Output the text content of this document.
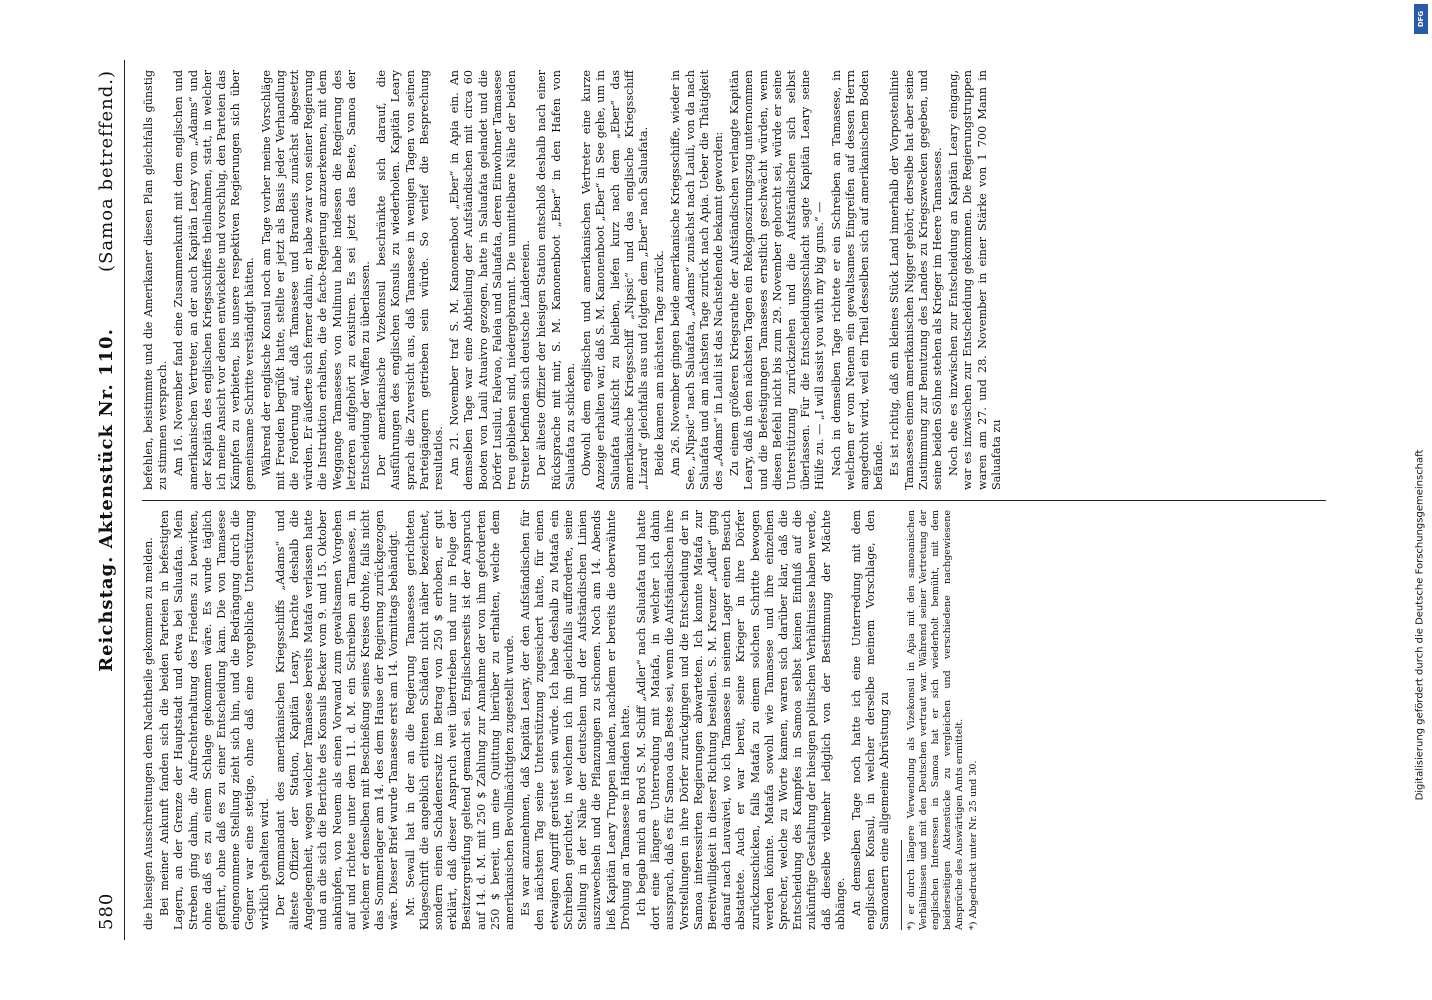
580
Reichstag. Aktenstück Nr. 110.
(Samoa betreffend.)

die hiesigen Ausschreitungen dem Nachtheile gekommen zu melden. Bei meiner Ankunft fanden sich die beiden Parteien in befestigten Lagern, an der Grenze der Hauptstadt und etwa bei Saluafata. Mein Streben ging dahin, die Aufrechterhaltung des Friedens zu bewirken, ohne daß es zu einem Schlage gekommen wäre. Es wurde täglich geführt, ohne daß es zu einer Entscheidung kam. Die von Tamasese eingenommene Stellung zieht sich hin, und die Bedrängung durch die Gegner war eine stetige, ohne daß eine vorgebliche Unterstützung wirklich gehalten wird. Der Kommandant des amerikanischen Kriegsschiffs „Adams“ und älteste Offizier der Station, Kapitän Leary, brachte deshalb die Angelegenheit, wegen welcher Tamasese bereits Matafa verlassen hatte und an die sich die Berichte des Konsuls Becker vom 9. und 15. Oktober anknüpfen, von Neuem als einen Vorwand zum gewaltsamen Vorgehen auf und richtete unter dem 11. d. M. ein Schreiben an Tamasese, in welchem er denselben mit Beschießung seines Kreises drohte, falls nicht das Sommerlager am 14. des dem Hause der Regierung zurückgezogen wäre. Dieser Brief wurde Tamasese erst am 14. Vormittags behändigt. Mr. Sewall hat in der an die Regierung Tamaseses gerichteten Klageschrift die angeblich erlittenen Schäden nicht näher bezeichnet, sondern einen Schadenersatz im Betrag von 250 $ erhoben, er gut erklärt, daß dieser Anspruch weit übertrieben und nur in Folge der Besitzergreifung geltend gemacht sei. Englischerseits ist der Anspruch auf 14. d. M. mit 250 $ Zahlung zur Annahme der von ihm geforderten 250 $ bereit, um eine Quittung hierüber zu erhalten, welche dem amerikanischen Bevollmächtigten zugestellt wurde. Es war anzunehmen, daß Kapitän Leary, der den Aufständischen für den nächsten Tag seine Unterstützung zugesichert hatte, für einen etwaigen Angriff gerüstet sein würde. Ich habe deshalb zu Matafa ein Schreiben gerichtet, in welchem ich ihn gleichfalls aufforderte, seine Stellung in der Nähe der deutschen und der Aufständischen Linien auszuwechseln und die Pflanzungen zu schonen. Noch am 14. Abends ließ Kapitän Leary Truppen landen, nachdem er bereits die oberwähnte Drohung an Tamasese in Händen hatte. Ich begab mich an Bord S. M. Schiff „Adler“ nach Saluafata und hatte dort eine längere Unterredung mit Matafa, in welcher ich dahin aussprach, daß es für Samoa das Beste sei, wenn die Aufständischen ihre Vorstellungen in ihre Dörfer zurückgingen und die Entscheidung der in Samoa interessirten Regierungen abwarteten. Ich konnte Matafa zur Bereitwilligkeit in dieser Richtung bestellen. S. M. Kreuzer „Adler“ ging darauf nach Lauvaivei, wo ich Tamasese in seinem Lager einen Besuch abstattete. Auch er war bereit, seine Krieger in ihre Dörfer zurückzuschicken, falls Matafa zu einem solchen Schritte bewogen werden könnte. Matafa sowohl wie Tamasese und ihre einzelnen Sprecher, welche zu Worte kamen, waren sich darüber klar, daß die Entscheidung des Kampfes in Samoa selbst keinen Einfluß auf die zukünftige Gestaltung der hiesigen politischen Verhältnisse haben werde, daß dieselbe vielmehr lediglich von der Bestimmung der Mächte abhänge. An demselben Tage noch hatte ich eine Unterredung mit dem englischen Konsul, in welcher derselbe meinem Vorschlage, den Samoanern eine allgemeine Abrüstung zu *) er durch längere Verwendung als Vizekonsul in Apia mit den samoanischen Verhältnissen und mit den Deutschen vertraut war. Während seiner Vertretung der englischen Interessen in Samoa hat er sich wiederholt bemüht, mit dem beiderseitigen Aktenstücke zu vergleichen und verschiedene nachgewiesene Ansprüche des Auswärtigen Amts ermittelt. *) Abgedruckt unter Nr. 25 und 30.

befehlen, beistimmte und die Amerikaner diesen Plan gleichfalls günstig zu stimmen versprach. Am 16. November fand eine Zusammenkunft mit dem englischen und amerikanischen Vertreter, an der auch Kapitän Leary vom „Adams“ und der Kapitän des englischen Kriegsschiffes theilnahmen, statt, in welcher ich meine Ansicht vor denen entwickelte und vorschlug, den Parteien das Kämpfen zu verbieten, bis unsere respektiven Regierungen sich über gemeinsame Schritte verständigt hätten. Während der englische Konsul noch am Tage vorher meine Vorschläge mit Freuden begrüßt hatte, stellte er jetzt als Basis jeder Verhandlung die Forderung auf, daß Tamasese und Brandeis zunächst abgesetzt würden. Er äußerte sich ferner dahin, er habe zwar von seiner Regierung die Instruktion erhalten, die de facto-Regierung anzuerkennen, mit dem Weggange Tamaseses von Mulinuu habe indessen die Regierung des letzteren aufgehört zu existiren. Es sei jetzt das Beste, Samoa der Entscheidung der Waffen zu überlassen. Der amerikanische Vizekonsul beschränkte sich darauf, die Ausführungen des englischen Konsuls zu wiederholen. Kapitän Leary sprach die Zuversicht aus, daß Tamasese in wenigen Tagen von seinen Parteigängern getrieben sein würde. So verlief die Besprechung resultatlos. Am 21. November traf S. M. Kanonenboot „Eber“ in Apia ein. An demselben Tage war eine Abtheilung der Aufständischen mit circa 60 Booten von Lauli Atuaivro gezogen, hatte in Saluafata gelandet und die Dörfer Lusilui, Falevao, Faleia und Saluafata, deren Einwohner Tamasese treu geblieben sind, niedergebrannt. Die unmittelbare Nähe der beiden Streiter befinden sich deutsche Ländereien. Der älteste Offizier der hiesigen Station entschloß deshalb nach einer Rücksprache mit mir, S. M. Kanonenboot „Eber“ in den Hafen von Saluafata zu schicken. Obwohl dem englischen und amerikanischen Vertreter eine kurze Anzeige erhalten war, daß S. M. Kanonenboot „Eber“ in See gehe, um in Saluafata Aufsicht zu bleiben, liefen kurz nach dem „Eber“ das amerikanische Kriegsschiff „Nipsic“ und das englische Kriegsschiff „Lizard“ gleichfalls aus und folgten dem „Eber“ nach Saluafata. Beide kamen am nächsten Tage zurück. Am 26. November gingen beide amerikanische Kriegsschiffe, wieder in See, „Nipsic“ nach Saluafata, „Adams“ zunächst nach Lauli, von da nach Saluafata und am nächsten Tage zurück nach Apia. Ueber die Thätigkeit des „Adams“ in Lauli ist das Nachstehende bekannt geworden: Zu einem größeren Kriegsrathe der Aufständischen verlangte Kapitän Leary, daß in den nächsten Tagen ein Rekognoszirungszug unternommen und die Befestigungen Tamaseses ernstlich geschwächt würden, wenn diesen Befehl nicht bis zum 29. November gehorcht sei, würde er seine Unterstützung zurückziehen und die Aufständischen sich selbst überlassen. Für die Entscheidungsschlacht sagte Kapitän Leary seine Hülfe zu. — „I will assist you with my big guns.“ — Nach in demselben Tage richtete er ein Schreiben an Tamasese, in welchem er vom Nenem ein gewaltsames Eingreifen auf dessen Herrn angedroht wird, weil ein Theil desselben sich auf amerikanischem Boden befände. Es ist richtig, daß ein kleines Stück Land innerhalb der Vorpostenlinie Tamaseses einem amerikanischen Nigger gehört; derselbe hat aber seine Zustimmung zur Benutzung des Landes zu Kriegszwecken gegeben, und seine beiden Söhne stehen als Krieger im Heere Tamaseses. Noch ehe es inzwischen zur Entscheidung an Kapitän Leary eingang, war es inzwischen zur Entscheidung gekommen. Die Regierungstruppen waren am 27. und 28. November in einer Stärke von 1 700 Mann in Saluafata zu	Digitalisierung gefördert durch die Deutsche Forschungsgemeinschaft
DFG
